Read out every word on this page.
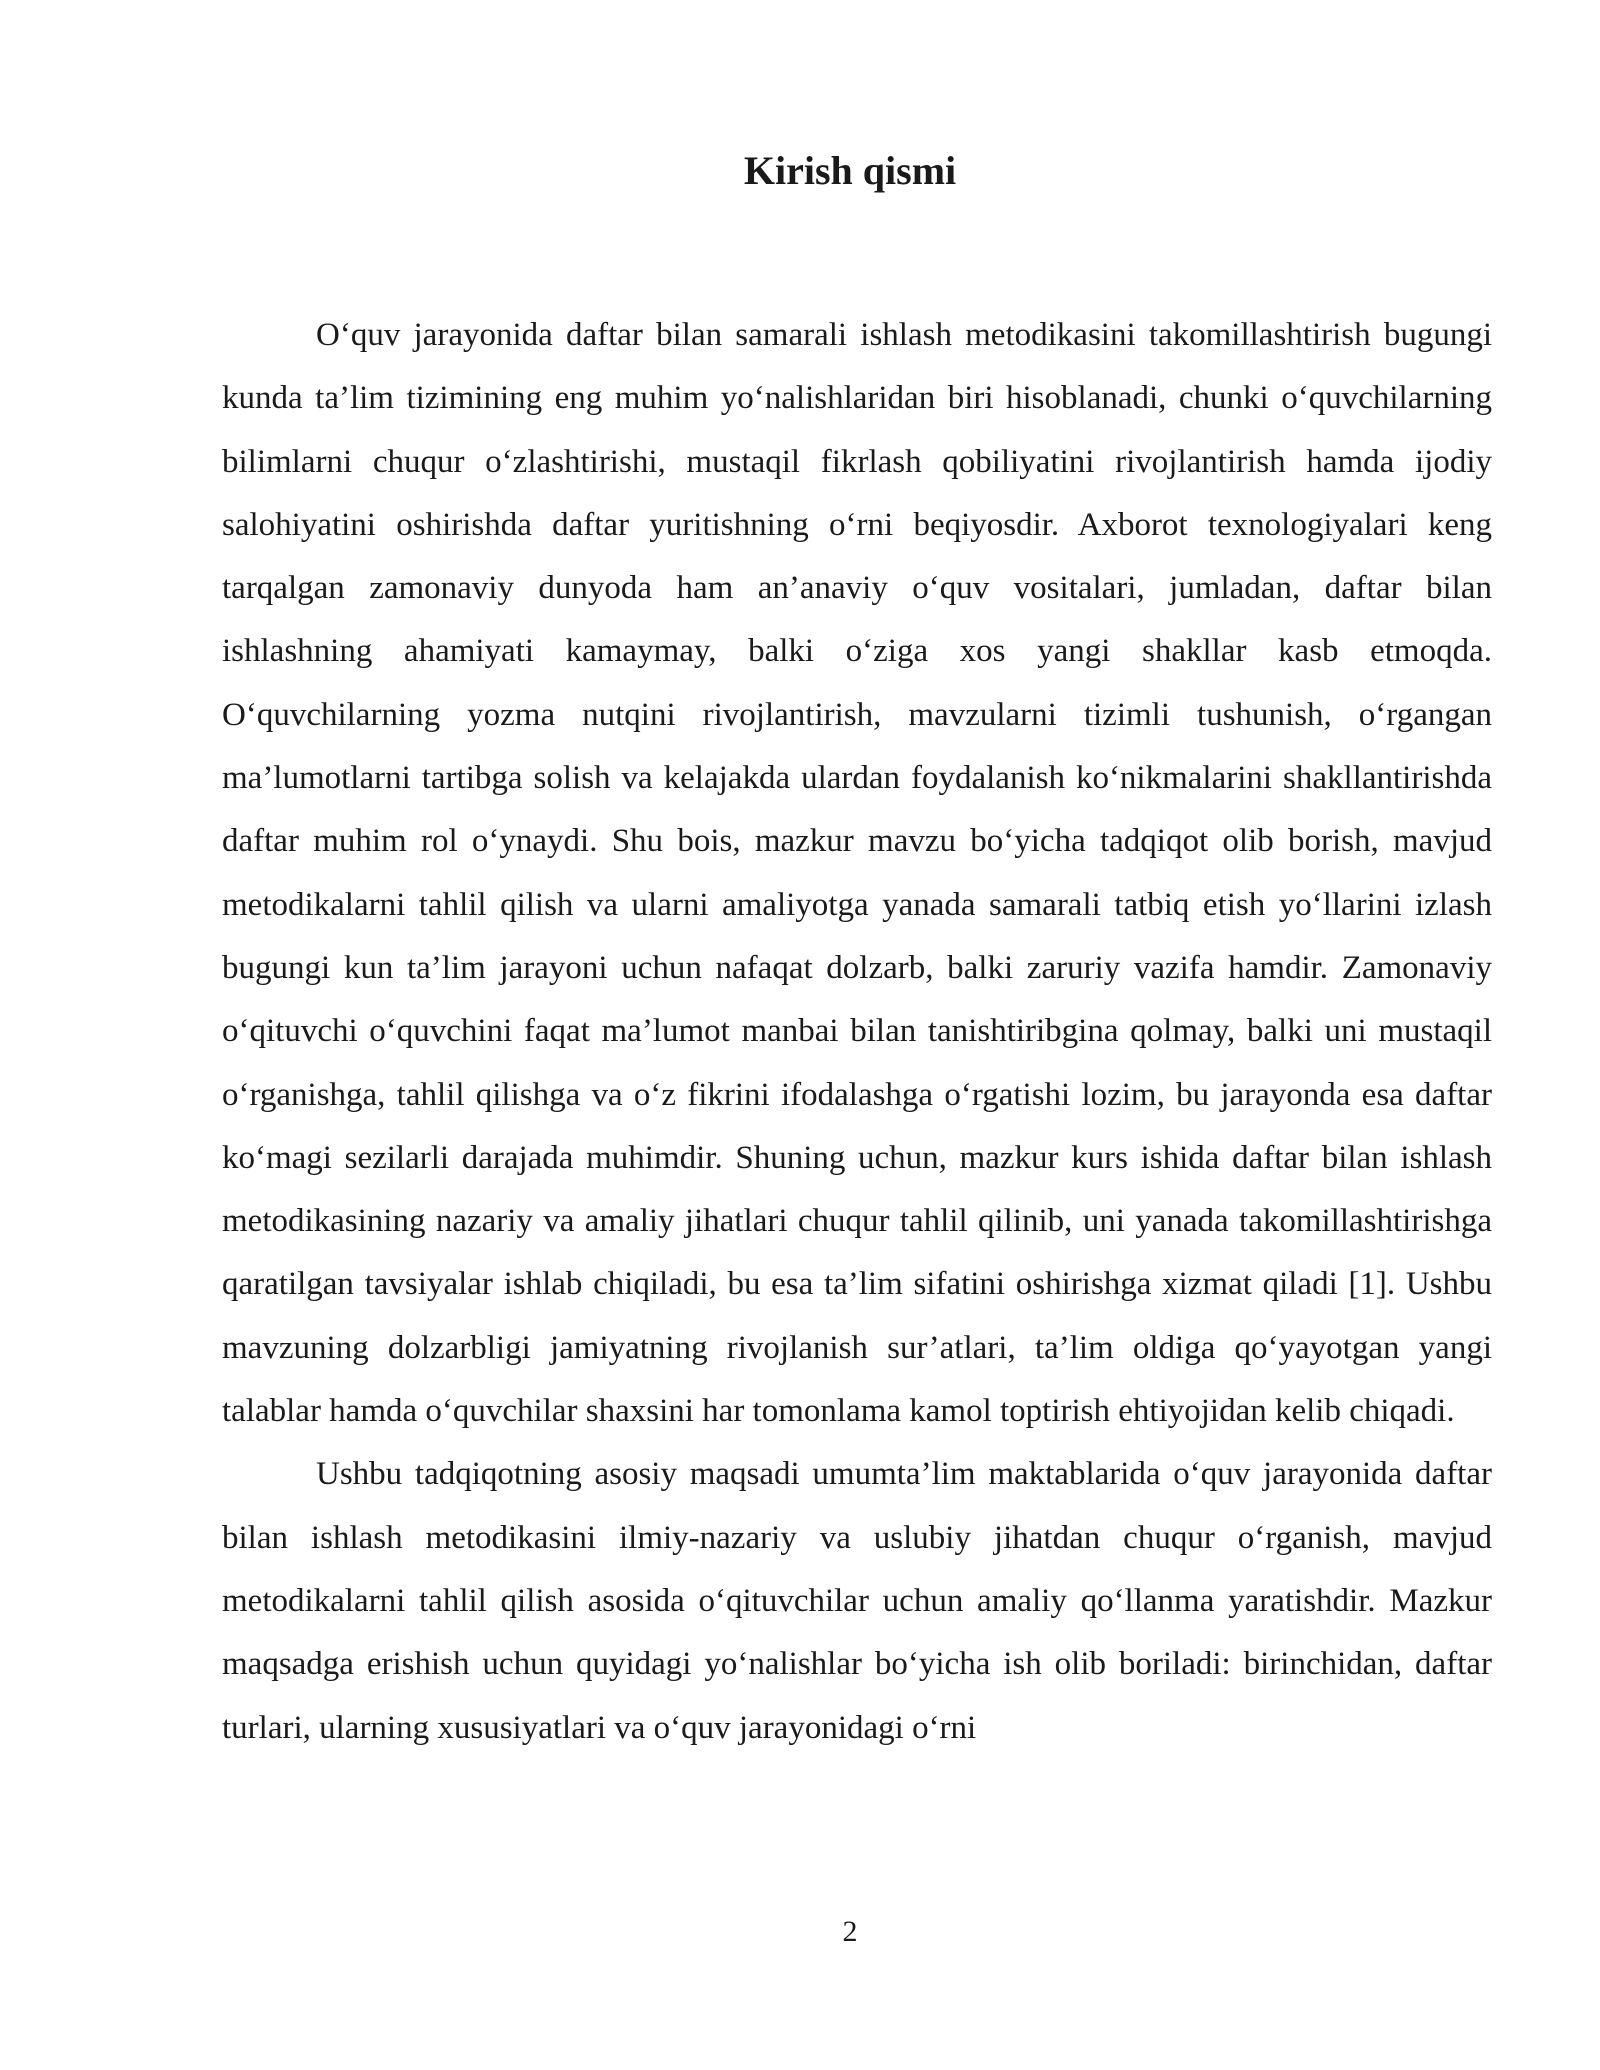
Kirish qismi

O‘quv jarayonida daftar bilan samarali ishlash metodikasini takomillashtirish bugungi kunda ta’lim tizimining eng muhim yo‘nalishlaridan biri hisoblanadi, chunki o‘quvchilarning bilimlarni chuqur o‘zlashtirishi, mustaqil fikrlash qobiliyatini rivojlantirish hamda ijodiy salohiyatini oshirishda daftar yuritishning o‘rni beqiyosdir. Axborot texnologiyalari keng tarqalgan zamonaviy dunyoda ham an’anaviy o‘quv vositalari, jumladan, daftar bilan ishlashning ahamiyati kamaymay, balki o‘ziga xos yangi shakllar kasb etmoqda. O‘quvchilarning yozma nutqini rivojlantirish, mavzularni tizimli tushunish, o‘rgangan ma’lumotlarni tartibga solish va kelajakda ulardan foydalanish ko‘nikmalarini shakllantirishda daftar muhim rol o‘ynaydi. Shu bois, mazkur mavzu bo‘yicha tadqiqot olib borish, mavjud metodikalarni tahlil qilish va ularni amaliyotga yanada samarali tatbiq etish yo‘llarini izlash bugungi kun ta’lim jarayoni uchun nafaqat dolzarb, balki zaruriy vazifa hamdir. Zamonaviy o‘qituvchi o‘quvchini faqat ma’lumot manbai bilan tanishtiribgina qolmay, balki uni mustaqil o‘rganishga, tahlil qilishga va o‘z fikrini ifodalashga o‘rgatishi lozim, bu jarayonda esa daftar ko‘magi sezilarli darajada muhimdir. Shuning uchun, mazkur kurs ishida daftar bilan ishlash metodikasining nazariy va amaliy jihatlari chuqur tahlil qilinib, uni yanada takomillashtirishga qaratilgan tavsiyalar ishlab chiqiladi, bu esa ta’lim sifatini oshirishga xizmat qiladi [1]. Ushbu mavzuning dolzarbligi jamiyatning rivojlanish sur’atlari, ta’lim oldiga qo‘yayotgan yangi talablar hamda o‘quvchilar shaxsini har tomonlama kamol toptirish ehtiyojidan kelib chiqadi.

Ushbu tadqiqotning asosiy maqsadi umumta’lim maktablarida o‘quv jarayonida daftar bilan ishlash metodikasini ilmiy-nazariy va uslubiy jihatdan chuqur o‘rganish, mavjud metodikalarni tahlil qilish asosida o‘qituvchilar uchun amaliy qo‘llanma yaratishdir. Mazkur maqsadga erishish uchun quyidagi yo‘nalishlar bo‘yicha ish olib boriladi: birinchidan, daftar turlari, ularning xususiyatlari va o‘quv jarayonidagi o‘rni

2
